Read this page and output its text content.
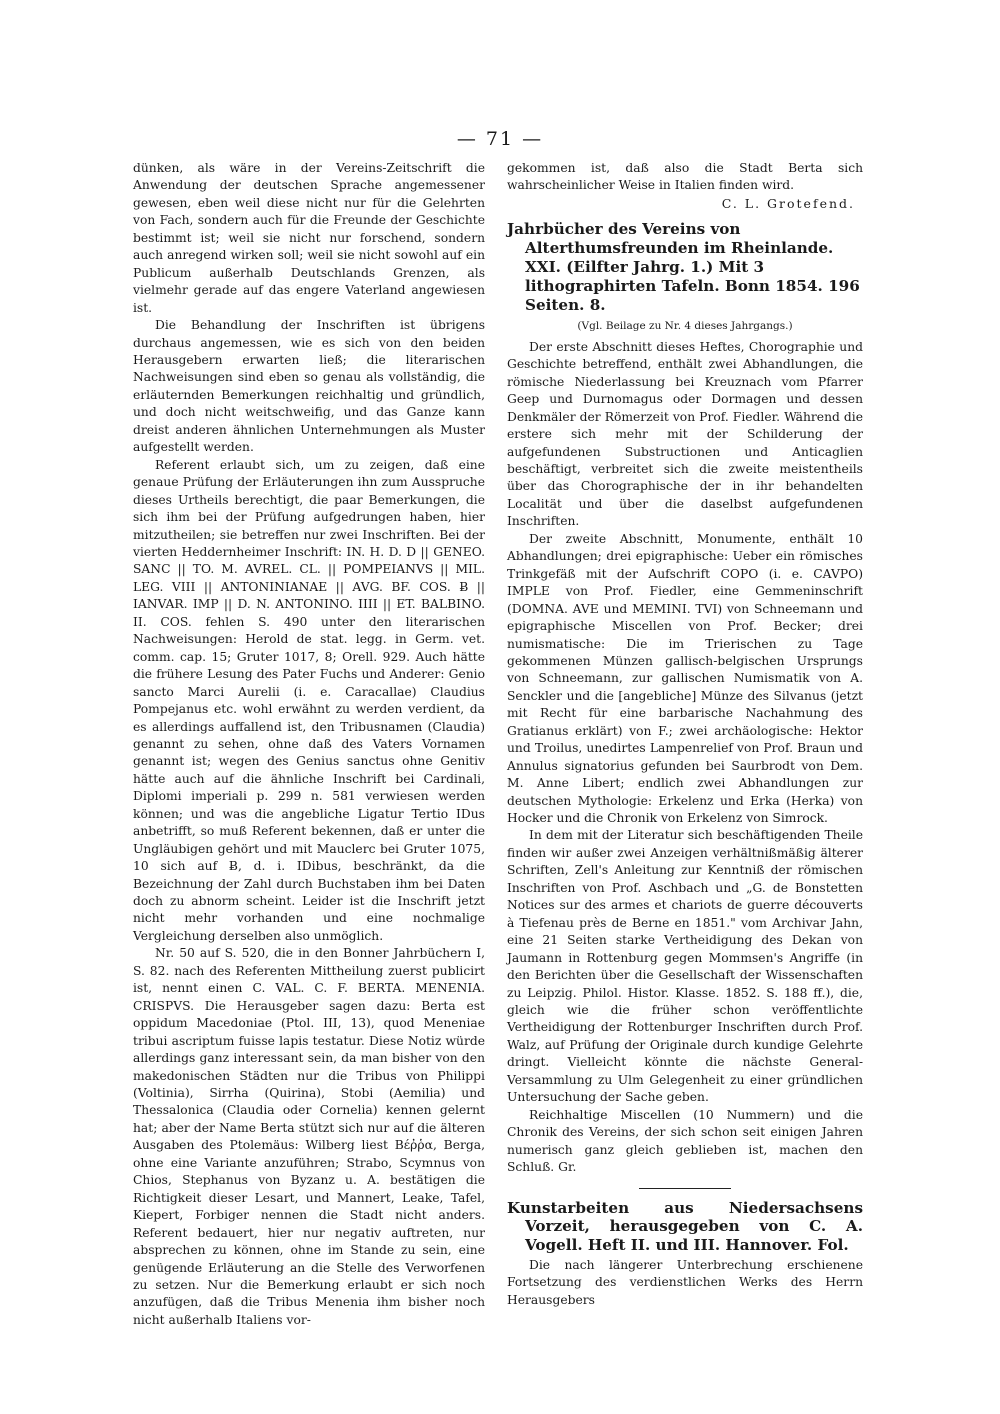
— 71 —

dünken, als wäre in der Vereins-Zeitschrift die Anwendung der deutschen Sprache angemessener gewesen, eben weil diese nicht nur für die Gelehrten von Fach, sondern auch für die Freunde der Geschichte bestimmt ist; weil sie nicht nur forschend, sondern auch anregend wirken soll; weil sie nicht sowohl auf ein Publicum außerhalb Deutschlands Grenzen, als vielmehr gerade auf das engere Vaterland angewiesen ist.

Die Behandlung der Inschriften ist übrigens durchaus angemessen, wie es sich von den beiden Herausgebern erwarten ließ; die literarischen Nachweisungen sind eben so genau als vollständig, die erläuternden Bemerkungen reichhaltig und gründlich, und doch nicht weitschweifig, und das Ganze kann dreist anderen ähnlichen Unternehmungen als Muster aufgestellt werden.

Referent erlaubt sich, um zu zeigen, daß eine genaue Prüfung der Erläuterungen ihn zum Ausspruche dieses Urtheils berechtigt, die paar Bemerkungen, die sich ihm bei der Prüfung aufgedrungen haben, hier mitzutheilen; sie betreffen nur zwei Inschriften. Bei der vierten Heddernheimer Inschrift: IN. H. D. D || GENEO. SANC || TO. M. AVREL. CL. || POMPEIANVS || MIL. LEG. VIII || ANTONINIANAE || AVG. BF. COS. Ƀ || IANVAR. IMP || D. N. ANTONINO. IIII || ET. BALBINO. II. COS. fehlen S. 490 unter den literarischen Nachweisungen: Herold de stat. legg. in Germ. vet. comm. cap. 15; Gruter 1017, 8; Orell. 929. Auch hätte die frühere Lesung des Pater Fuchs und Anderer: Genio sancto Marci Aurelii (i. e. Caracallae) Claudius Pompejanus etc. wohl erwähnt zu werden verdient, da es allerdings auffallend ist, den Tribusnamen (Claudia) genannt zu sehen, ohne daß des Vaters Vornamen genannt ist; wegen des Genius sanctus ohne Genitiv hätte auch auf die ähnliche Inschrift bei Cardinali, Diplomi imperiali p. 299 n. 581 verwiesen werden können; und was die angebliche Ligatur Tertio IDus anbetrifft, so muß Referent bekennen, daß er unter die Ungläubigen gehört und mit Mauclerc bei Gruter 1075, 10 sich auf Ƀ, d. i. IDibus, beschränkt, da die Bezeichnung der Zahl durch Buchstaben ihm bei Daten doch zu abnorm scheint. Leider ist die Inschrift jetzt nicht mehr vorhanden und eine nochmalige Vergleichung derselben also unmöglich.

Nr. 50 auf S. 520, die in den Bonner Jahrbüchern I, S. 82. nach des Referenten Mittheilung zuerst publicirt ist, nennt einen C. VAL. C. F. BERTA. MENENIA. CRISPVS. Die Herausgeber sagen dazu: Berta est oppidum Macedoniae (Ptol. III, 13), quod Meneniae tribui ascriptum fuisse lapis testatur. Diese Notiz würde allerdings ganz interessant sein, da man bisher von den makedonischen Städten nur die Tribus von Philippi (Voltinia), Sirrha (Quirina), Stobi (Aemilia) und Thessalonica (Claudia oder Cornelia) kennen gelernt hat; aber der Name Berta stützt sich nur auf die älteren Ausgaben des Ptolemäus: Wilberg liest Βέῤῥα, Berga, ohne eine Variante anzuführen; Strabo, Scymnus von Chios, Stephanus von Byzanz u. A. bestätigen die Richtigkeit dieser Lesart, und Mannert, Leake, Tafel, Kiepert, Forbiger nennen die Stadt nicht anders. Referent bedauert, hier nur negativ auftreten, nur absprechen zu können, ohne im Stande zu sein, eine genügende Erläuterung an die Stelle des Verworfenen zu setzen. Nur die Bemerkung erlaubt er sich noch anzufügen, daß die Tribus Menenia ihm bisher noch nicht außerhalb Italiens vor-

gekommen ist, daß also die Stadt Berta sich wahrscheinlicher Weise in Italien finden wird.

C. L. Grotefend.
Jahrbücher des Vereins von Alterthumsfreunden im Rheinlande. XXI. (Eilfter Jahrg. 1.) Mit 3 lithographirten Tafeln. Bonn 1854. 196 Seiten. 8.
(Vgl. Beilage zu Nr. 4 dieses Jahrgangs.)

Der erste Abschnitt dieses Heftes, Chorographie und Geschichte betreffend, enthält zwei Abhandlungen, die römische Niederlassung bei Kreuznach vom Pfarrer Geep und Durnomagus oder Dormagen und dessen Denkmäler der Römerzeit von Prof. Fiedler. Während die erstere sich mehr mit der Schilderung der aufgefundenen Substructionen und Anticaglien beschäftigt, verbreitet sich die zweite meistentheils über das Chorographische der in ihr behandelten Localität und über die daselbst aufgefundenen Inschriften.

Der zweite Abschnitt, Monumente, enthält 10 Abhandlungen; drei epigraphische: Ueber ein römisches Trinkgefäß mit der Aufschrift COPO (i. e. CAVPO) IMPLE von Prof. Fiedler, eine Gemmeninschrift (DOMNA. AVE und MEMINI. TVI) von Schneemann und epigraphische Miscellen von Prof. Becker; drei numismatische: Die im Trierischen zu Tage gekommenen Münzen gallisch-belgischen Ursprungs von Schneemann, zur gallischen Numismatik von A. Senckler und die [angebliche] Münze des Silvanus (jetzt mit Recht für eine barbarische Nachahmung des Gratianus erklärt) von F.; zwei archäologische: Hektor und Troilus, unedirtes Lampenrelief von Prof. Braun und Annulus signatorius gefunden bei Saurbrodt von Dem. M. Anne Libert; endlich zwei Abhandlungen zur deutschen Mythologie: Erkelenz und Erka (Herka) von Hocker und die Chronik von Erkelenz von Simrock.

In dem mit der Literatur sich beschäftigenden Theile finden wir außer zwei Anzeigen verhältnißmäßig älterer Schriften, Zell's Anleitung zur Kenntniß der römischen Inschriften von Prof. Aschbach und „G. de Bonstetten Notices sur des armes et chariots de guerre découverts à Tiefenau près de Berne en 1851." vom Archivar Jahn, eine 21 Seiten starke Vertheidigung des Dekan von Jaumann in Rottenburg gegen Mommsen's Angriffe (in den Berichten über die Gesellschaft der Wissenschaften zu Leipzig. Philol. Histor. Klasse. 1852. S. 188 ff.), die, gleich wie die früher schon veröffentlichte Vertheidigung der Rottenburger Inschriften durch Prof. Walz, auf Prüfung der Originale durch kundige Gelehrte dringt. Vielleicht könnte die nächste General-Versammlung zu Ulm Gelegenheit zu einer gründlichen Untersuchung der Sache geben.

Reichhaltige Miscellen (10 Nummern) und die Chronik des Vereins, der sich schon seit einigen Jahren numerisch ganz gleich geblieben ist, machen den Schluß. Gr.

Kunstarbeiten aus Niedersachsens Vorzeit, herausgegeben von C. A. Vogell. Heft II. und III. Hannover. Fol.

Die nach längerer Unterbrechung erschienene Fortsetzung des verdienstlichen Werks des Herrn Herausgebers
